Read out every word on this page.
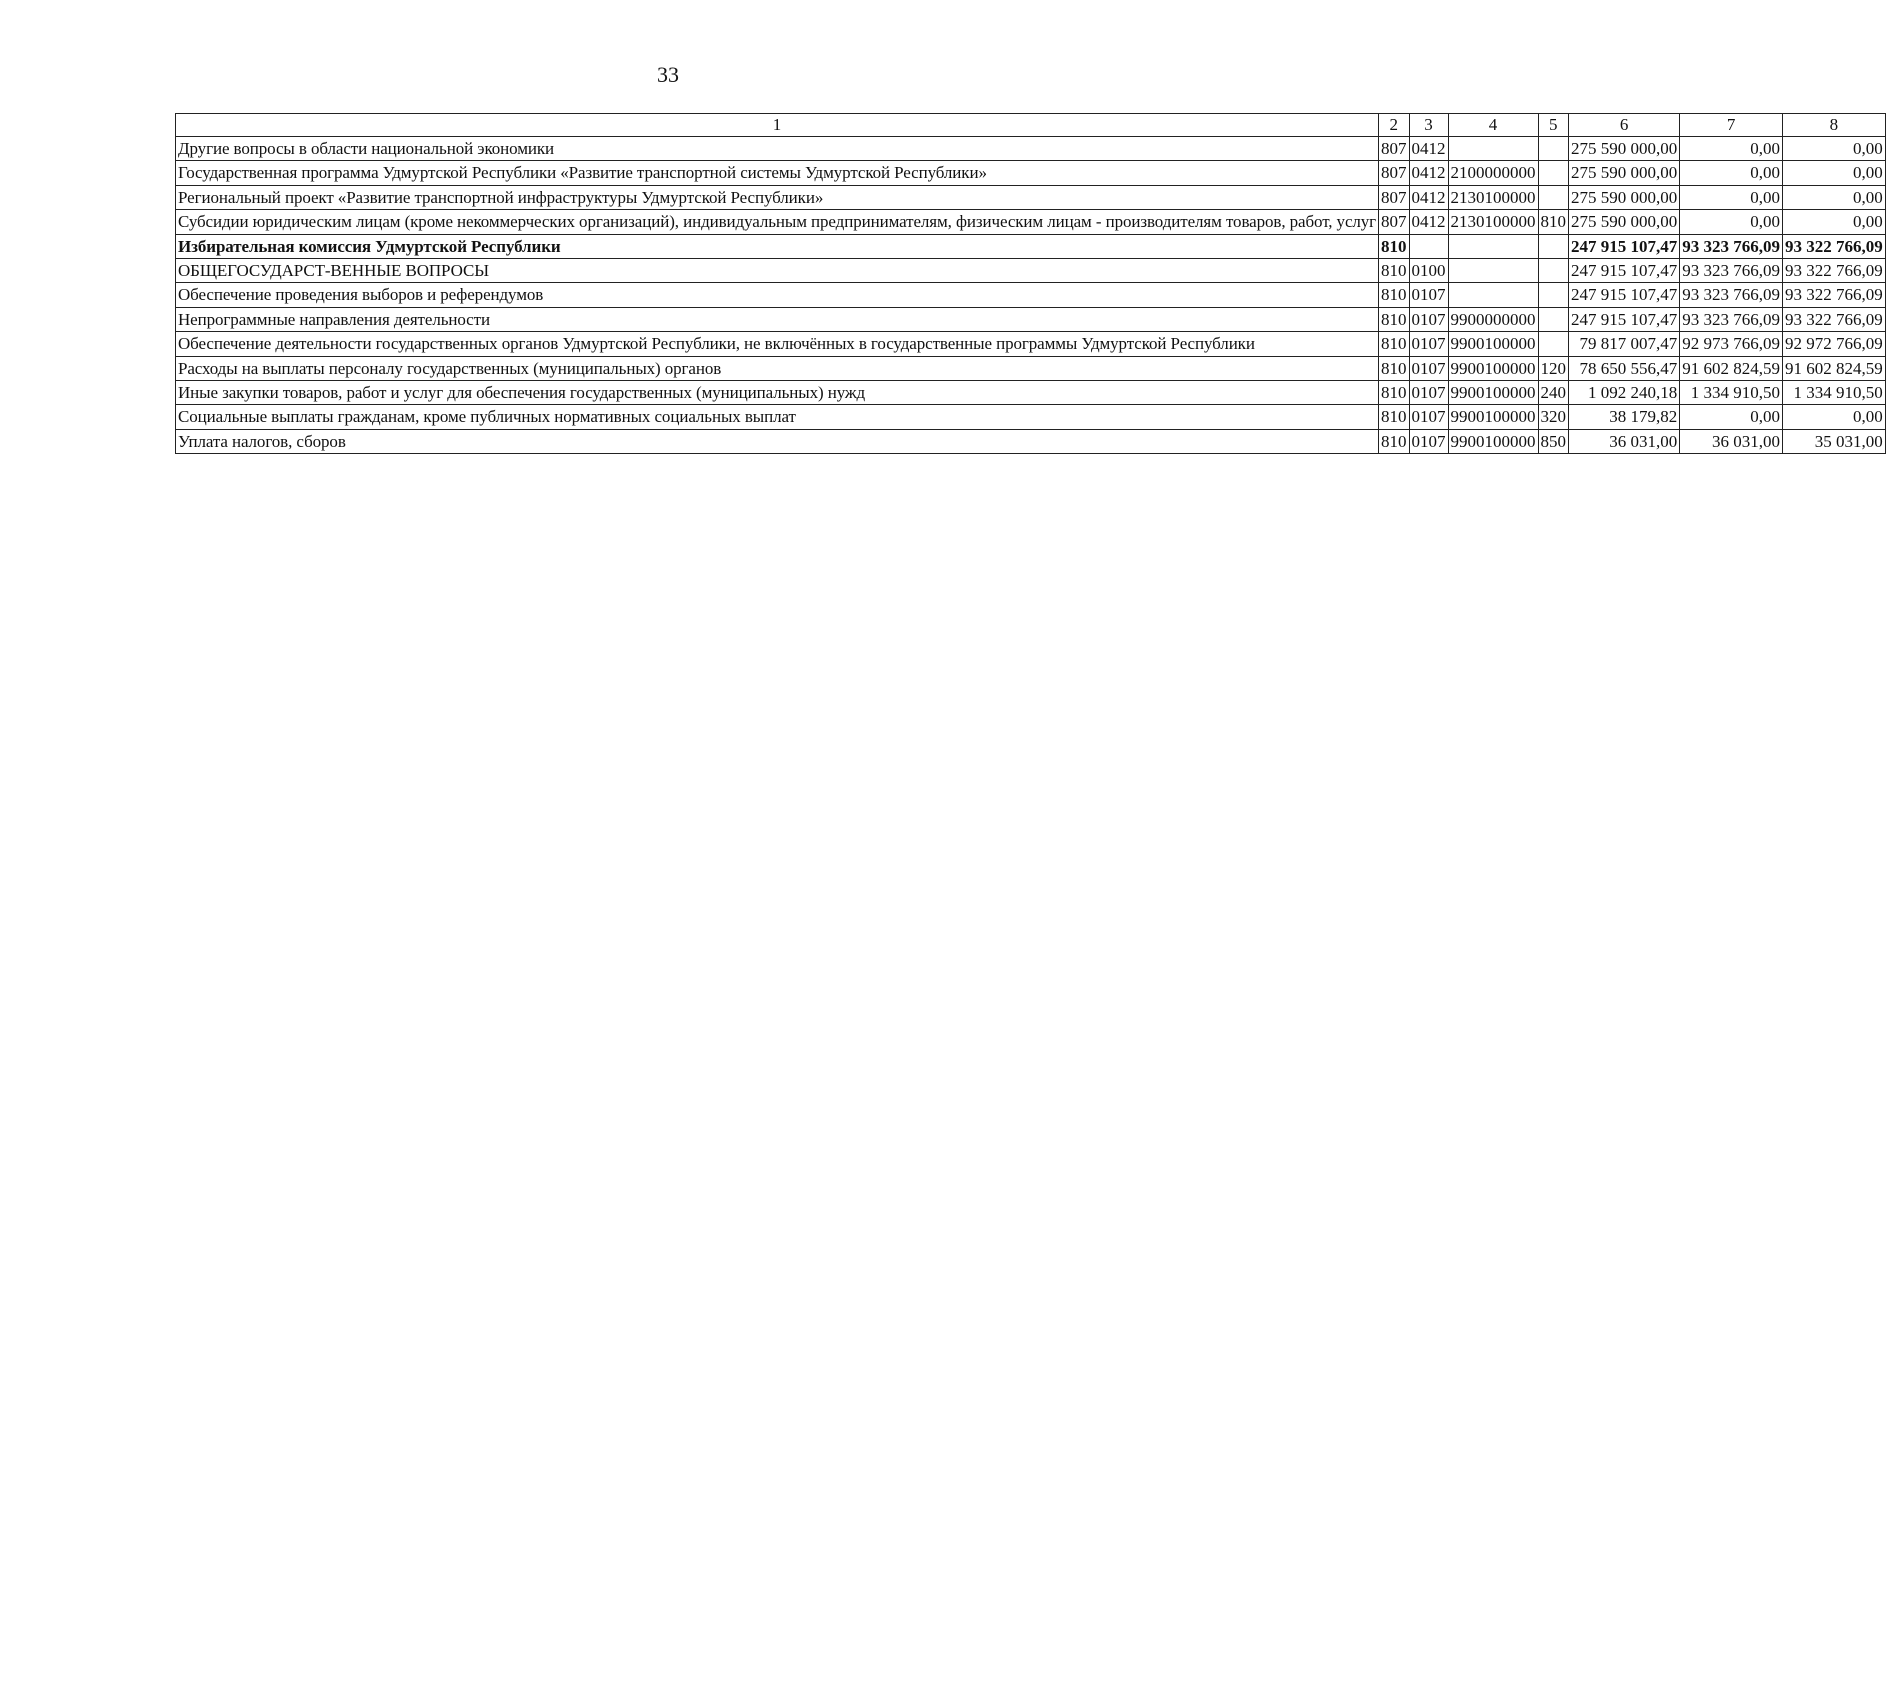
33
1	2	3	4	5	6	7	8
Другие вопросы в области национальной экономики	807	0412			275 590 000,00	0,00	0,00
Государственная программа Удмуртской Республики «Развитие транспортной системы Удмуртской Республики»	807	0412	2100000000		275 590 000,00	0,00	0,00
Региональный проект «Развитие транспортной инфраструктуры Удмуртской Республики»	807	0412	2130100000		275 590 000,00	0,00	0,00
Субсидии юридическим лицам (кроме некоммерческих организаций), индивидуальным предпринимателям, физическим лицам - производителям товаров, работ, услуг	807	0412	2130100000	810	275 590 000,00	0,00	0,00
Избирательная комиссия Удмуртской Республики	810				247 915 107,47	93 323 766,09	93 322 766,09
ОБЩЕГОСУДАРСТ-ВЕННЫЕ ВОПРОСЫ	810	0100			247 915 107,47	93 323 766,09	93 322 766,09
Обеспечение проведения выборов и референдумов	810	0107			247 915 107,47	93 323 766,09	93 322 766,09
Непрограммные направления деятельности	810	0107	9900000000		247 915 107,47	93 323 766,09	93 322 766,09
Обеспечение деятельности государственных органов Удмуртской Республики, не включённых в государственные программы Удмуртской Республики	810	0107	9900100000		79 817 007,47	92 973 766,09	92 972 766,09
Расходы на выплаты персоналу государственных (муниципальных) органов	810	0107	9900100000	120	78 650 556,47	91 602 824,59	91 602 824,59
Иные закупки товаров, работ и услуг для обеспечения государственных (муниципальных) нужд	810	0107	9900100000	240	1 092 240,18	1 334 910,50	1 334 910,50
Социальные выплаты гражданам, кроме публичных нормативных социальных выплат	810	0107	9900100000	320	38 179,82	0,00	0,00
Уплата налогов, сборов	810	0107	9900100000	850	36 031,00	36 031,00	35 031,00
